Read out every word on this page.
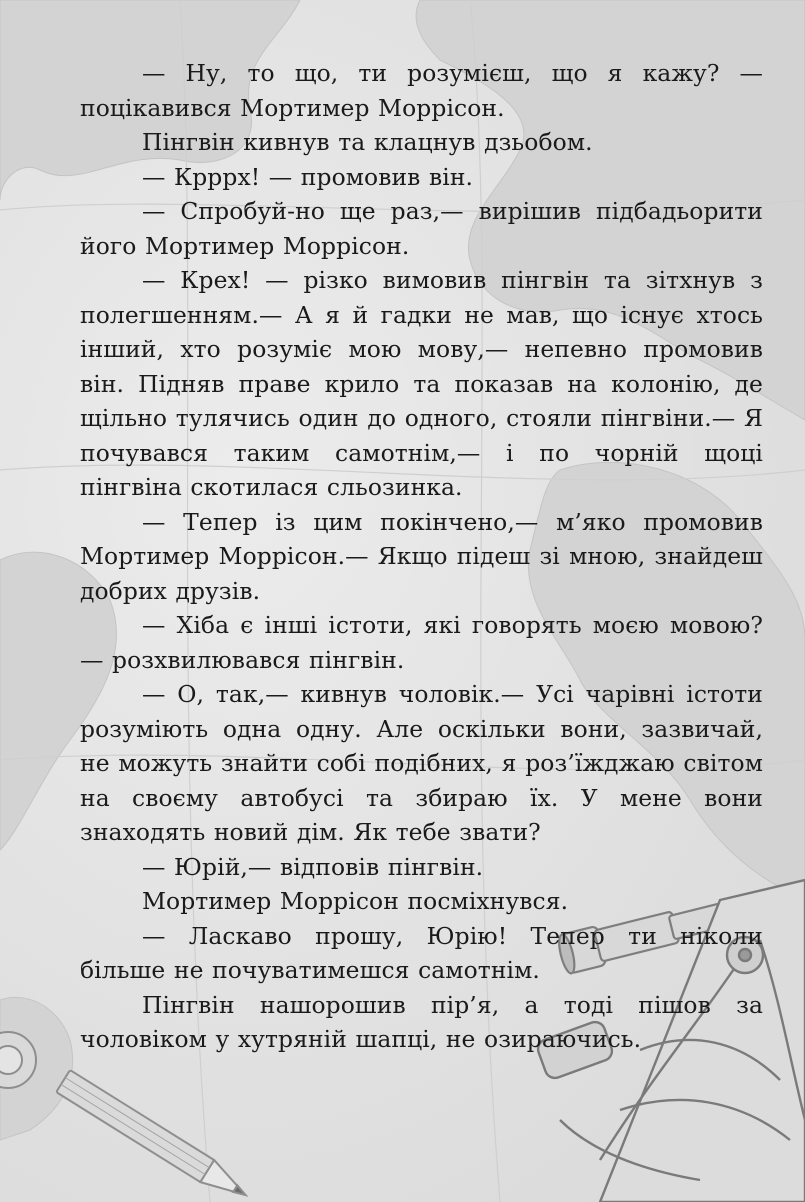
— Ну, то що, ти розумієш, що я кажу? — поцікавився Мортимер Моррісон.

Пінгвін кивнув та клацнув дзьобом.

— Кррpх! — промовив він.

— Спробуй-но ще раз,— вирішив підбадьорити його Мортимер Моррісон.

— Крех! — різко вимовив пінгвін та зітхнув з полегшенням.— А я й гадки не мав, що існує хтось інший, хто розуміє мою мову,— непевно промовив він. Підняв праве крило та показав на колонію, де щільно тулячись один до одного, стояли пінгвіни.— Я почувався таким самотнім,— і по чорній щоці пінгвіна скотилася сльозинка.

— Тепер із цим покінчено,— м’яко промовив Мортимер Моррісон.— Якщо підеш зі мною, знайдеш добрих друзів.

— Хіба є інші істоти, які говорять моєю мовою? — розхвилювався пінгвін.

— О, так,— кивнув чоловік.— Усі чарівні істоти розуміють одна одну. Але оскільки вони, зазвичай, не можуть знайти собі подібних, я роз’їжджаю світом на своєму автобусі та збираю їх. У мене вони знаходять новий дім. Як тебе звати?

— Юрій,— відповів пінгвін.

Мортимер Моррісон посміхнувся.

— Ласкаво прошу, Юрію! Тепер ти ніколи більше не почуватимешся самотнім.

Пінгвін нашорошив пір’я, а тоді пішов за чоловіком у хутряній шапці, не озираючись.
